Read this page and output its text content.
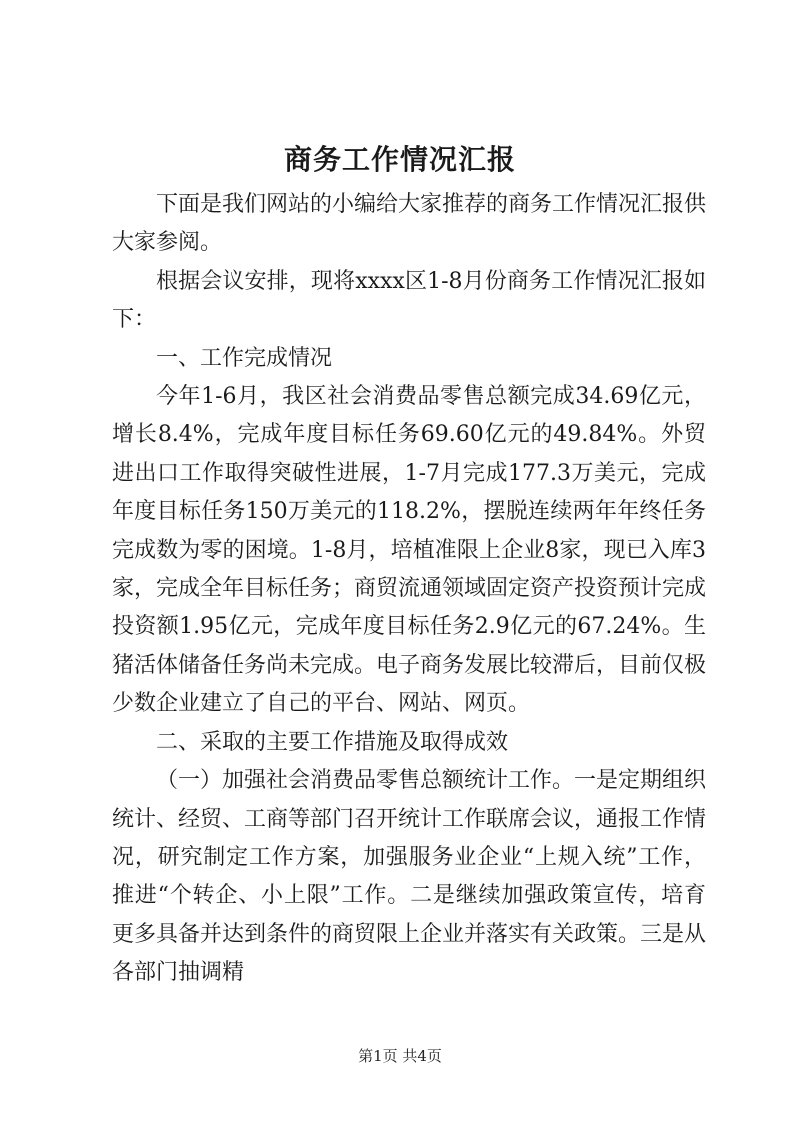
商务工作情况汇报

下面是我们网站的小编给大家推荐的商务工作情况汇报供大家参阅。

根据会议安排，现将xxxx区1-8月份商务工作情况汇报如下：

一、工作完成情况

今年1-6月，我区社会消费品零售总额完成34.69亿元，增长8.4%，完成年度目标任务69.60亿元的49.84%。外贸进出口工作取得突破性进展，1-7月完成177.3万美元，完成年度目标任务150万美元的118.2%，摆脱连续两年年终任务完成数为零的困境。1-8月，培植准限上企业8家，现已入库3家，完成全年目标任务；商贸流通领域固定资产投资预计完成投资额1.95亿元，完成年度目标任务2.9亿元的67.24%。生猪活体储备任务尚未完成。电子商务发展比较滞后，目前仅极少数企业建立了自己的平台、网站、网页。

二、采取的主要工作措施及取得成效

（一）加强社会消费品零售总额统计工作。一是定期组织统计、经贸、工商等部门召开统计工作联席会议，通报工作情况，研究制定工作方案，加强服务业企业“上规入统”工作，推进“个转企、小上限”工作。二是继续加强政策宣传，培育更多具备并达到条件的商贸限上企业并落实有关政策。三是从各部门抽调精

第1页 共4页
